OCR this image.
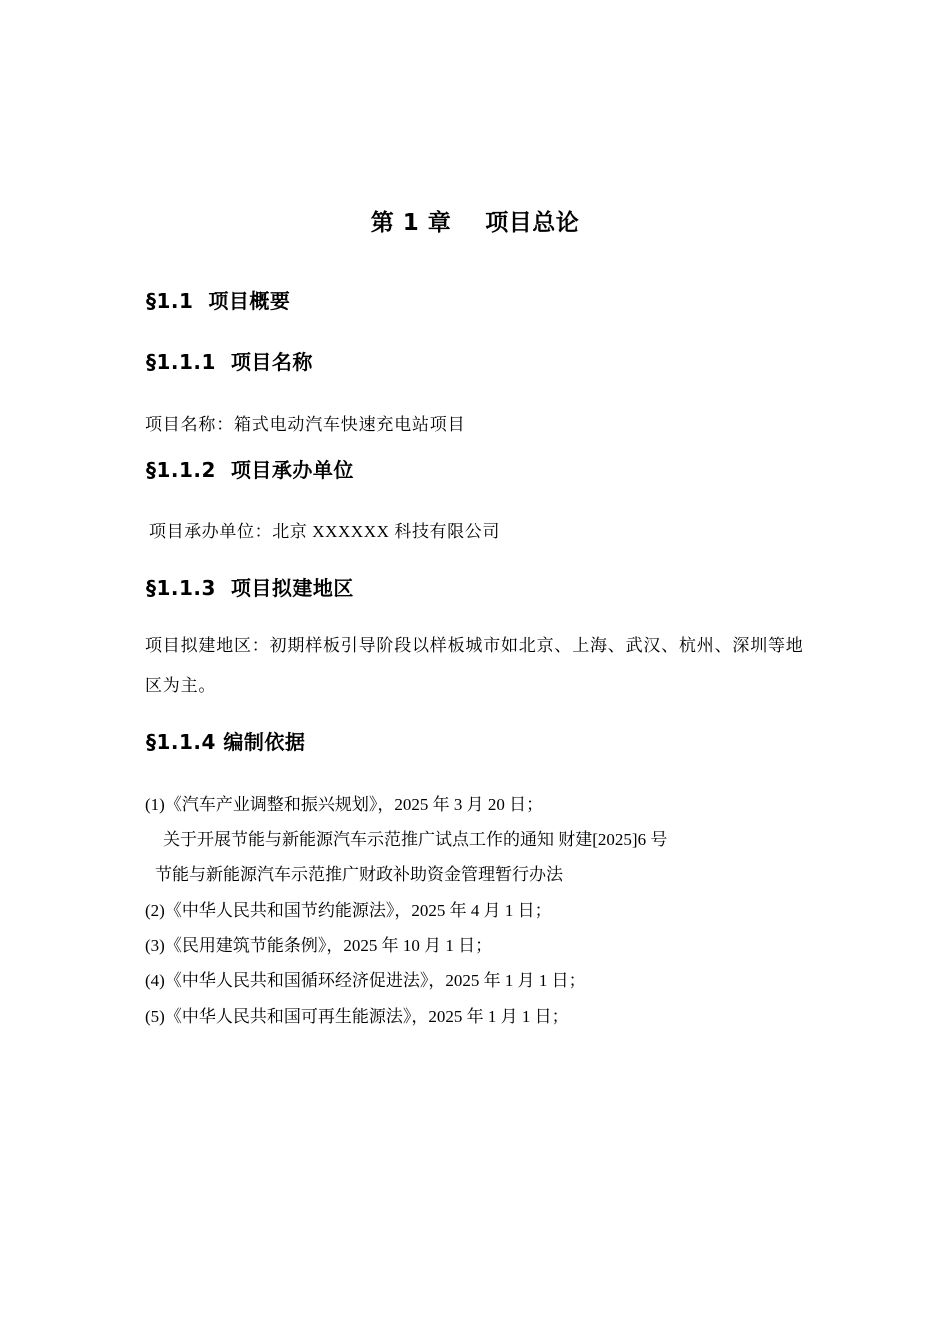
第 1 章    项目总论
§1.1  项目概要
§1.1.1  项目名称
项目名称：箱式电动汽车快速充电站项目
§1.1.2  项目承办单位
项目承办单位：北京 XXXXXX 科技有限公司
§1.1.3  项目拟建地区
项目拟建地区：初期样板引导阶段以样板城市如北京、上海、武汉、杭州、深圳等地区为主。
§1.1.4 编制依据
(1)《汽车产业调整和振兴规划》，2025 年 3 月 20 日；
关于开展节能与新能源汽车示范推广试点工作的通知 财建[2025]6 号
节能与新能源汽车示范推广财政补助资金管理暂行办法
(2)《中华人民共和国节约能源法》，2025 年 4 月 1 日；
(3)《民用建筑节能条例》，2025 年 10 月 1 日；
(4)《中华人民共和国循环经济促进法》，2025 年 1 月 1 日；
(5)《中华人民共和国可再生能源法》，2025 年 1 月 1 日；
